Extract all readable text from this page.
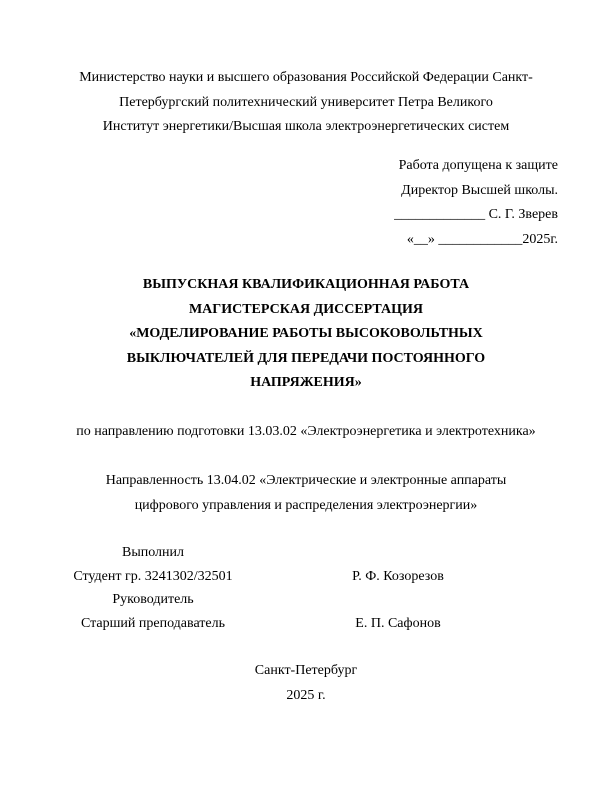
Министерство науки и высшего образования Российской Федерации Санкт-
Петербургский политехнический университет Петра Великого
Институт энергетики/Высшая школа электроэнергетических систем
Работа допущена к защите
Директор Высшей школы.
_____________ С. Г. Зверев
«__» ____________2025г.
ВЫПУСКНАЯ КВАЛИФИКАЦИОННАЯ РАБОТА
МАГИСТЕРСКАЯ ДИССЕРТАЦИЯ
«МОДЕЛИРОВАНИЕ РАБОТЫ ВЫСОКОВОЛЬТНЫХ
ВЫКЛЮЧАТЕЛЕЙ ДЛЯ ПЕРЕДАЧИ ПОСТОЯННОГО
НАПРЯЖЕНИЯ»
по направлению подготовки 13.03.02 «Электроэнергетика и электротехника»
Направленность 13.04.02 «Электрические и электронные аппараты
цифрового управления и распределения электроэнергии»
Выполнил
Студент гр. 3241302/32501	Р. Ф. Козорезов
Руководитель
Старший преподаватель	Е. П. Сафонов
Санкт-Петербург
2025 г.
